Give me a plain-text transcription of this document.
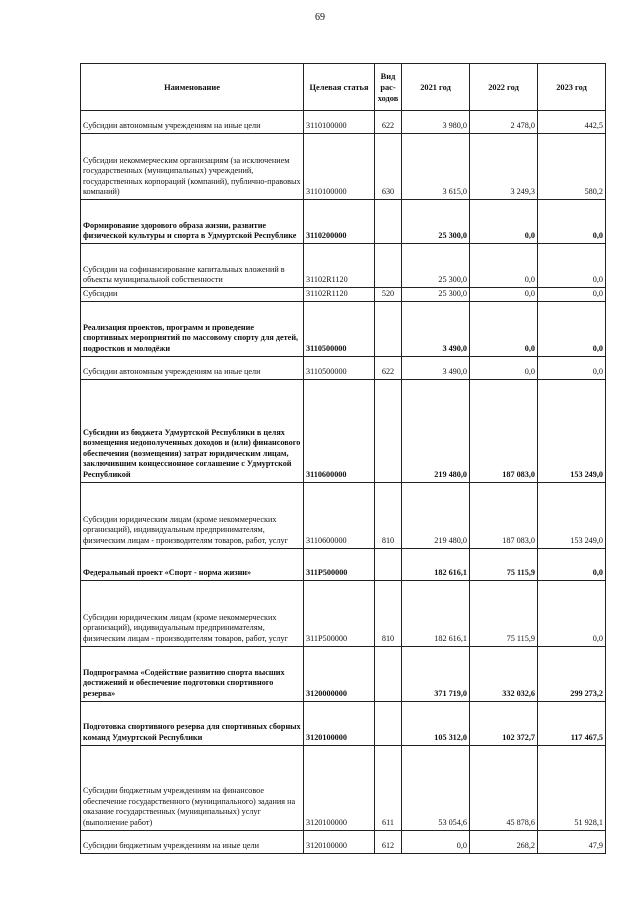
69
Наименование	Целевая статья	Вид рас-ходов	2021 год	2022 год	2023 год
Субсидии автономным учреждениям на иные цели	3110100000	622	3 980,0	2 478,0	442,5
Субсидии некоммерческим организациям (за исключением государственных (муниципальных) учреждений, государственных корпораций (компаний), публично-правовых компаний)	3110100000	630	3 615,0	3 249,3	580,2
Формирование здорового образа жизни, развитие физической культуры и спорта в Удмуртской Республике	3110200000		25 300,0	0,0	0,0
Субсидии на софинансирование капитальных вложений в объекты муниципальной собственности	31102R1120		25 300,0	0,0	0,0
Субсидии	31102R1120	520	25 300,0	0,0	0,0
Реализация проектов, программ и проведение спортивных мероприятий по массовому спорту для детей, подростков и молодёжи	3110500000		3 490,0	0,0	0,0
Субсидии автономным учреждениям на иные цели	3110500000	622	3 490,0	0,0	0,0
Субсидии из бюджета Удмуртской Республики в целях возмещения недополученных доходов и (или) финансового обеспечения (возмещения) затрат юридическим лицам, заключившим концессионное соглашение с Удмуртской Республикой	3110600000		219 480,0	187 083,0	153 249,0
Субсидии юридическим лицам (кроме некоммерческих организаций), индивидуальным предпринимателям, физическим лицам - производителям товаров, работ, услуг	3110600000	810	219 480,0	187 083,0	153 249,0
Федеральный проект «Спорт - норма жизни»	311P500000		182 616,1	75 115,9	0,0
Субсидии юридическим лицам (кроме некоммерческих организаций), индивидуальным предпринимателям, физическим лицам - производителям товаров, работ, услуг	311P500000	810	182 616,1	75 115,9	0,0
Подпрограмма «Содействие развитию спорта высших достижений и обеспечение подготовки спортивного резерва»	3120000000		371 719,0	332 032,6	299 273,2
Подготовка спортивного резерва для спортивных сборных команд Удмуртской Республики	3120100000		105 312,0	102 372,7	117 467,5
Субсидии бюджетным учреждениям на финансовое обеспечение государственного (муниципального) задания на оказание государственных (муниципальных) услуг (выполнение работ)	3120100000	611	53 054,6	45 878,6	51 928,1
Субсидии бюджетным учреждениям на иные цели	3120100000	612	0,0	268,2	47,9
